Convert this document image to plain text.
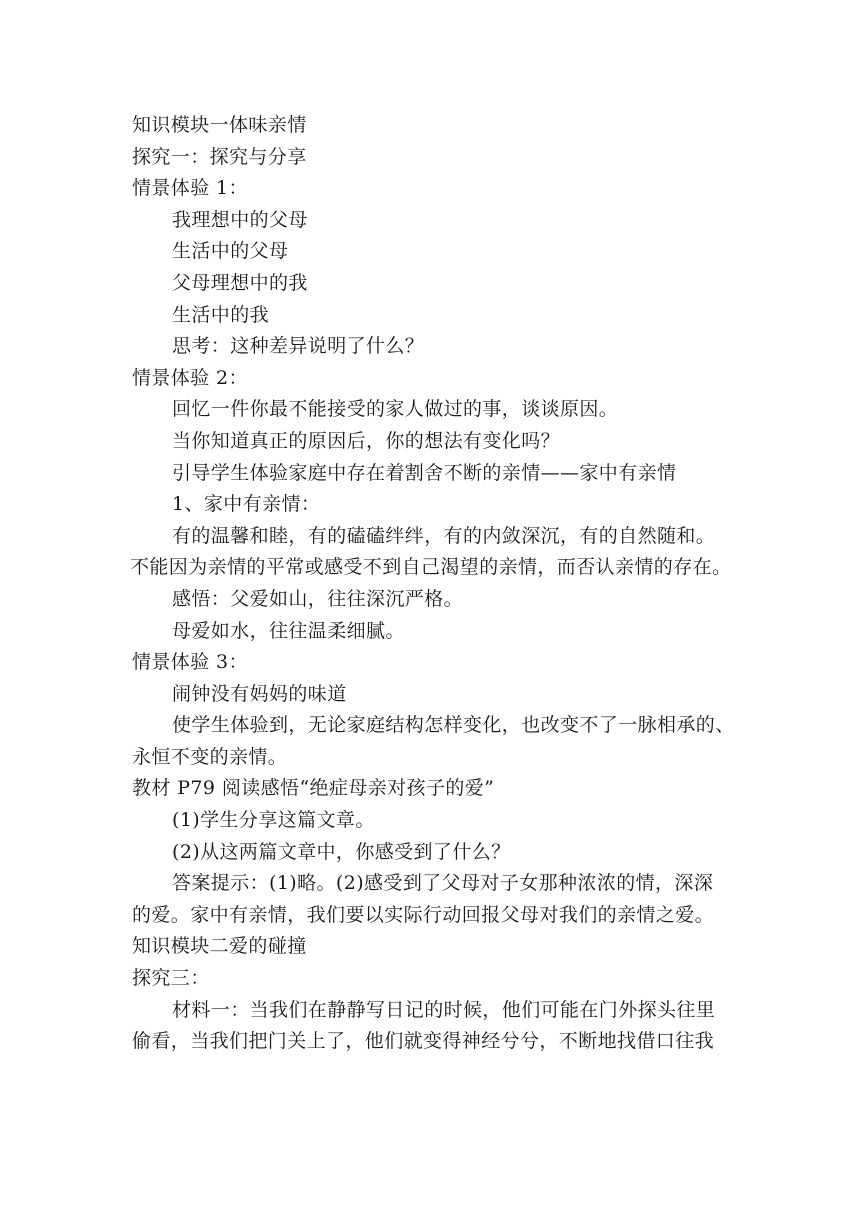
知识模块一体味亲情
探究一：探究与分享
情景体验 1：
我理想中的父母
生活中的父母
父母理想中的我
生活中的我
思考：这种差异说明了什么？
情景体验 2：
回忆一件你最不能接受的家人做过的事，谈谈原因。
当你知道真正的原因后，你的想法有变化吗？
引导学生体验家庭中存在着割舍不断的亲情——家中有亲情
1、家中有亲情：
有的温馨和睦，有的磕磕绊绊，有的内敛深沉，有的自然随和。
不能因为亲情的平常或感受不到自己渴望的亲情，而否认亲情的存在。
感悟：父爱如山，往往深沉严格。
母爱如水，往往温柔细腻。
情景体验 3：
闹钟没有妈妈的味道
使学生体验到，无论家庭结构怎样变化，也改变不了一脉相承的、
永恒不变的亲情。
教材 P79 阅读感悟“绝症母亲对孩子的爱”
(1)学生分享这篇文章。
(2)从这两篇文章中，你感受到了什么？
答案提示：(1)略。(2)感受到了父母对子女那种浓浓的情，深深
的爱。家中有亲情，我们要以实际行动回报父母对我们的亲情之爱。
知识模块二爱的碰撞
探究三：
材料一：当我们在静静写日记的时候，他们可能在门外探头往里
偷看，当我们把门关上了，他们就变得神经兮兮，不断地找借口往我
